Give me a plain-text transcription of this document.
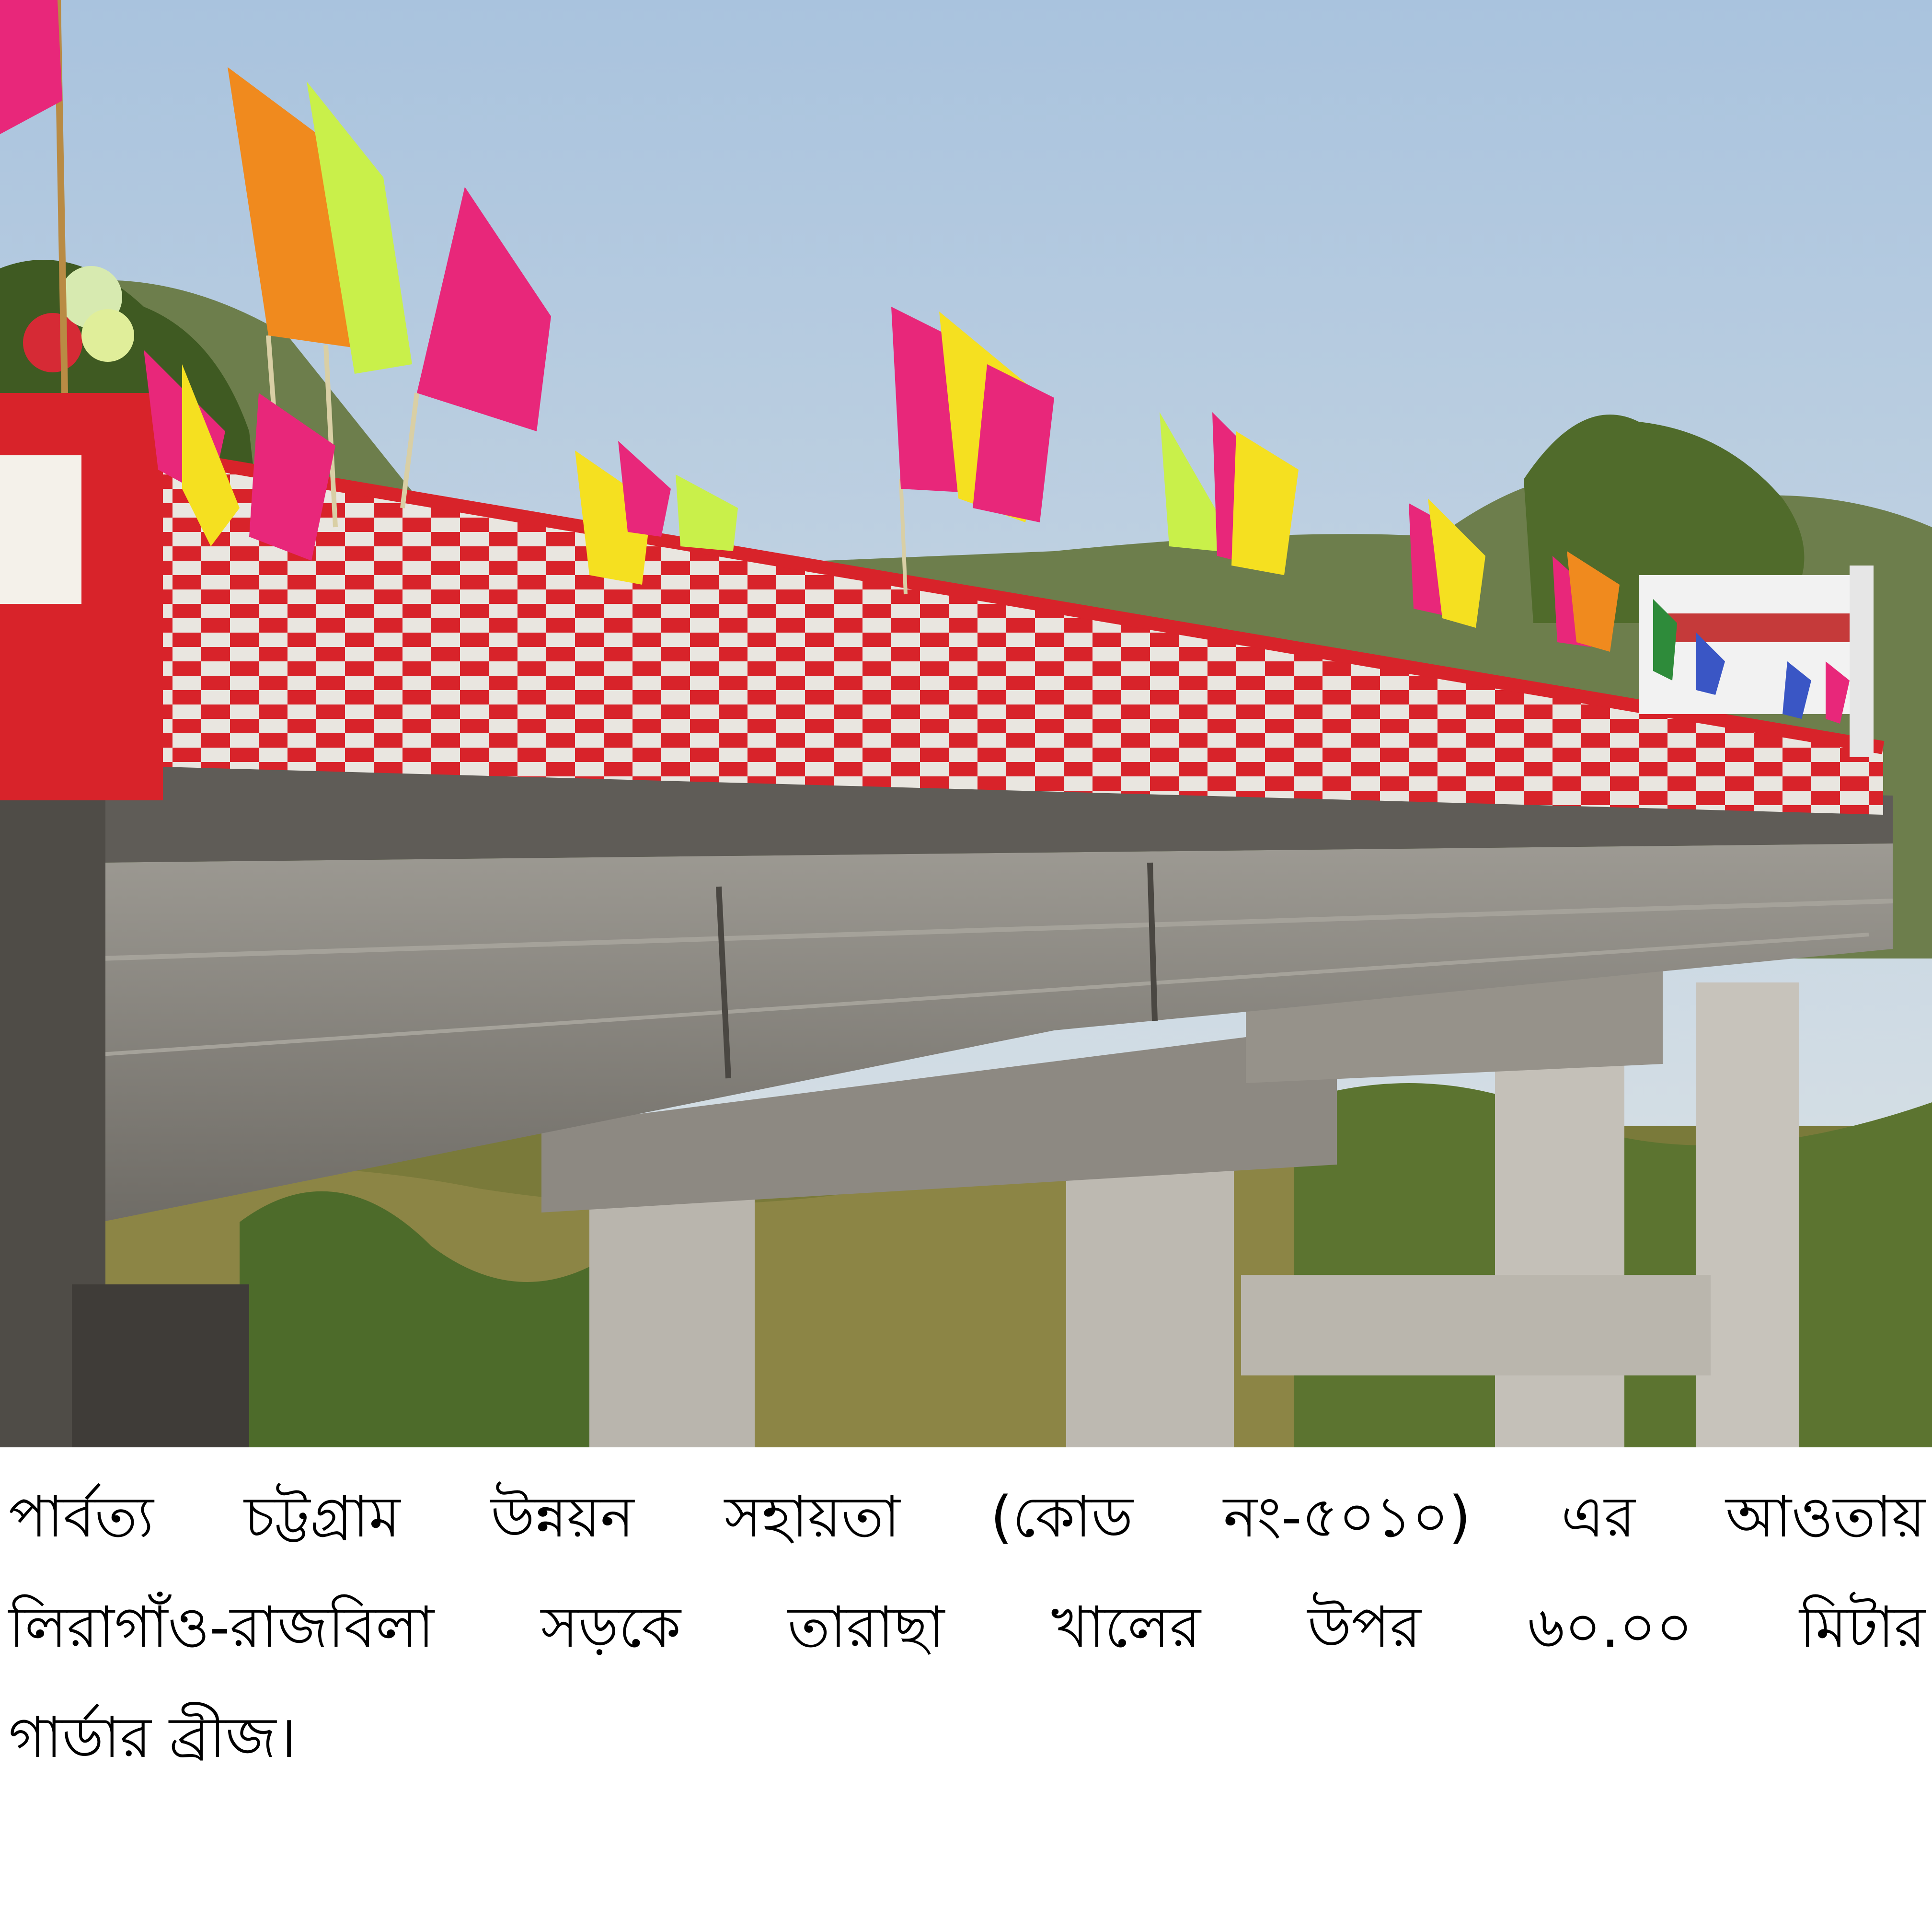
পার্বত্য চট্টগ্রাম উন্নয়ন সহায়তা (কোড নং-৫০১০) এর আওতায়
লিরাগাঁও-রাজবিলা সড়কে তারাছা খালের উপর ৬০.০০ মিটার
গার্ডার ব্রীজ।
